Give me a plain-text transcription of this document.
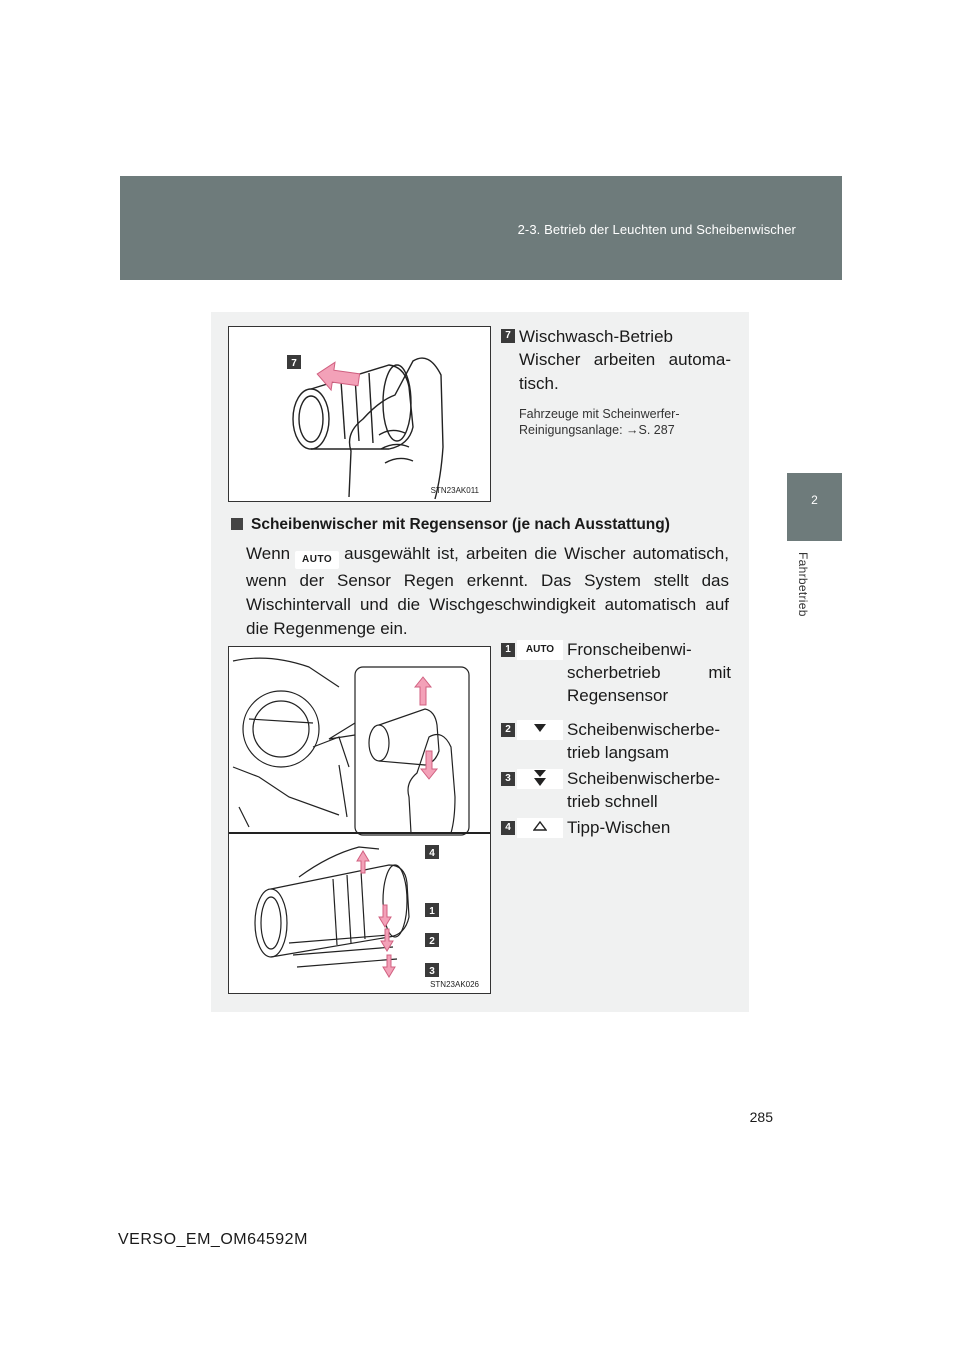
2-3. Betrieb der Leuchten und Scheibenwischer
2
Fahrbetrieb
7
STN23AK011
7 Wischwasch-Betrieb
Wischer arbeiten automa-tisch.
Fahrzeuge mit Scheinwerfer-Reinigungsanlage: →S. 287
Scheibenwischer mit Regensensor (je nach Ausstattung)
Wenn AUTO ausgewählt ist, arbeiten die Wischer automatisch, wenn der Sensor Regen erkennt. Das System stellt das Wischintervall und die Wischgeschwindigkeit automatisch auf die Regenmenge ein.
4
1
2
3
STN23AK026
1	AUTO Fronscheibenwi-scherbetrieb mit Regensensor
2	Scheibenwischerbe-trieb langsam
3	Scheibenwischerbe-trieb schnell
4	Tipp-Wischen
285
VERSO_EM_OM64592M
